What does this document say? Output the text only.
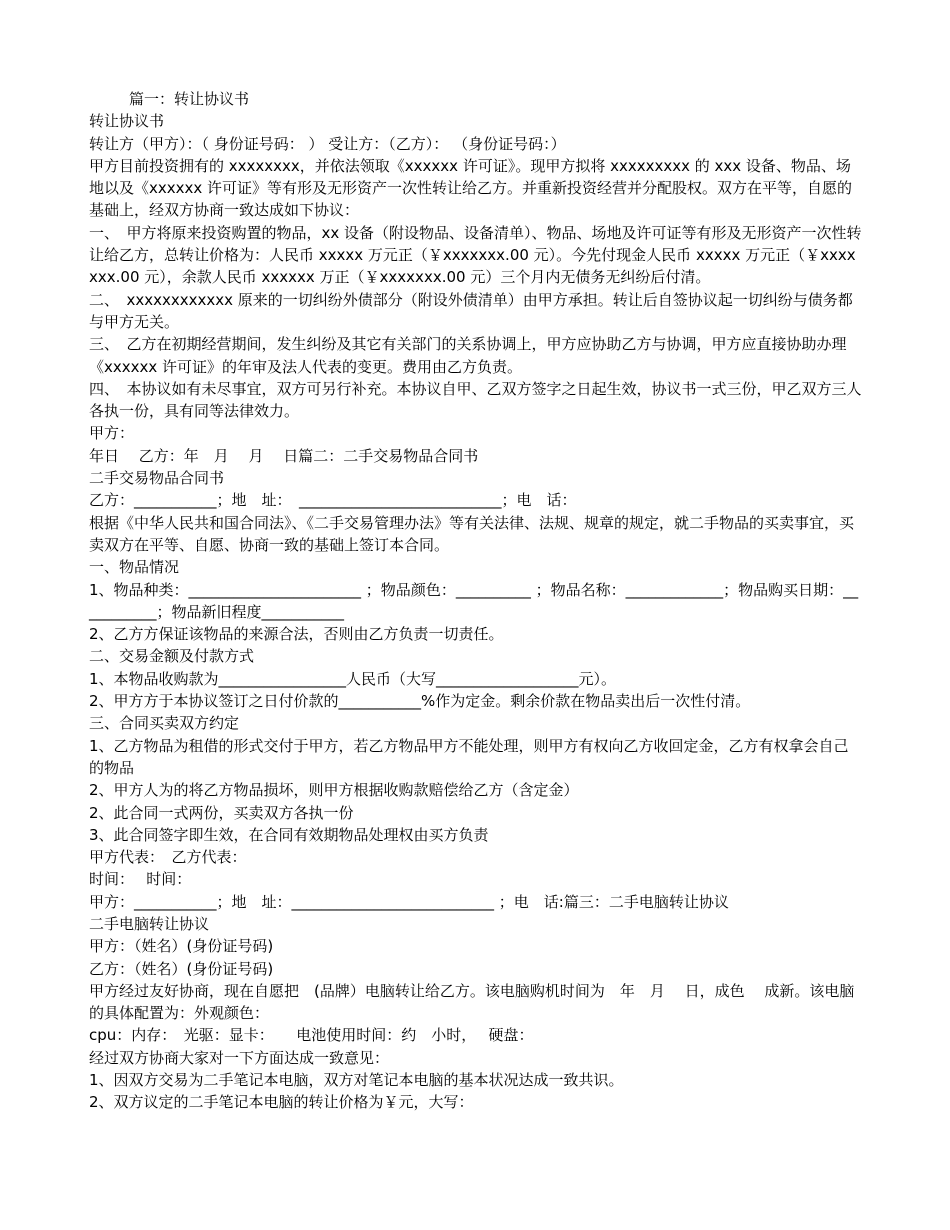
篇一：转让协议书

转让协议书

转让方（甲方）：（ 身份证号码： ） 受让方：（乙方）： （身份证号码：）

甲方目前投资拥有的 xxxxxxxx，并依法领取《xxxxxx 许可证》。现甲方拟将 xxxxxxxxx 的 xxx 设备、物品、场地以及《xxxxxx 许可证》等有形及无形资产一次性转让给乙方。并重新投资经营并分配股权。双方在平等，自愿的基础上，经双方协商一致达成如下协议：

一、　甲方将原来投资购置的物品，xx 设备（附设物品、设备清单）、物品、场地及许可证等有形及无形资产一次性转让给乙方，总转让价格为：人民币 xxxxx 万元正（￥xxxxxxx.00 元）。今先付现金人民币 xxxxx 万元正（￥xxxxxxx.00 元），余款人民币 xxxxxx 万正（￥xxxxxxx.00 元）三个月内无债务无纠纷后付清。

二、　xxxxxxxxxxxx 原来的一切纠纷外债部分（附设外债清单）由甲方承担。转让后自签协议起一切纠纷与债务都与甲方无关。

三、　乙方在初期经营期间，发生纠纷及其它有关部门的关系协调上，甲方应协助乙方与协调，甲方应直接协助办理《xxxxxx 许可证》的年审及法人代表的变更。费用由乙方负责。

四、　本协议如有未尽事宜，双方可另行补充。本协议自甲、乙双方签字之日起生效，协议书一式三份，甲乙双方三人各执一份，具有同等法律效力。

甲方：

年日　 乙方：年　月　 月　 日篇二：二手交易物品合同书

二手交易物品合同书

乙方：___________；地　址：　___________________________；电　话：

根据《中华人民共和国合同法》、《二手交易管理办法》等有关法律、法规、规章的规定，就二手物品的买卖事宜，买卖双方在平等、自愿、协商一致的基础上签订本合同。

一、物品情况

1、物品种类：_______________________ ；物品颜色：__________ ；物品名称：_____________；物品购买日期：___________；物品新旧程度___________

2、乙方方保证该物品的来源合法，否则由乙方负责一切责任。

二、交易金额及付款方式

1、本物品收购款为_________________人民币（大写___________________元）。

2、甲方方于本协议签订之日付价款的___________%作为定金。剩余价款在物品卖出后一次性付清。

三、合同买卖双方约定

1、乙方物品为租借的形式交付于甲方，若乙方物品甲方不能处理，则甲方有权向乙方收回定金，乙方有权拿会自己的物品

2、甲方人为的将乙方物品损坏，则甲方根据收购款赔偿给乙方（含定金）

2、此合同一式两份，买卖双方各执一份

3、此合同签字即生效，在合同有效期物品处理权由买方负责

甲方代表：　乙方代表：

时间：　 时间：

甲方：___________；地　址：___________________________ ；电　话:篇三：二手电脑转让协议

二手电脑转让协议

甲方：（姓名）(身份证号码)

乙方：（姓名）(身份证号码)

甲方经过友好协商，现在自愿把　(品牌）电脑转让给乙方。该电脑购机时间为　年　月　 日，成色　 成新。该电脑的具体配置为：外观颜色：

cpu：内存：　光驱：显卡：　　电池使用时间：约　小时，　 硬盘：

经过双方协商大家对一下方面达成一致意见：

1、因双方交易为二手笔记本电脑，双方对笔记本电脑的基本状况达成一致共识。

2、双方议定的二手笔记本电脑的转让价格为￥元，大写：
